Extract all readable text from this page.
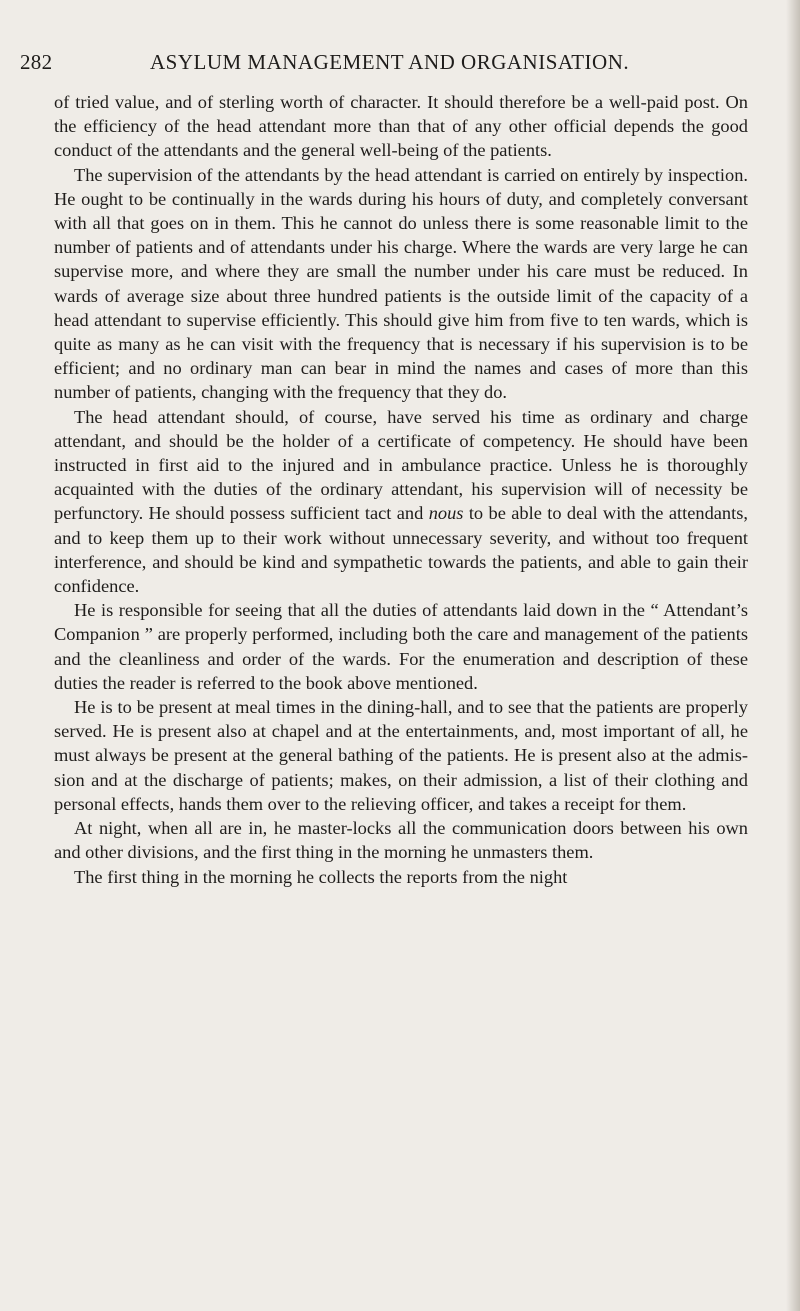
282	ASYLUM MANAGEMENT AND ORGANISATION.

of tried value, and of sterling worth of character. It should therefore be a well-paid post. On the efficiency of the head attendant more than that of any other official depends the good conduct of the attendants and the general well-being of the patients.

The supervision of the attendants by the head attendant is carried on entirely by inspection. He ought to be continually in the wards during his hours of duty, and completely conversant with all that goes on in them. This he cannot do unless there is some reasonable limit to the number of patients and of attendants under his charge. Where the wards are very large he can supervise more, and where they are small the number under his care must be reduced. In wards of average size about three hundred patients is the outside limit of the capacity of a head attendant to supervise efficiently. This should give him from five to ten wards, which is quite as many as he can visit with the frequency that is necessary if his supervision is to be efficient; and no ordinary man can bear in mind the names and cases of more than this number of patients, changing with the frequency that they do.

The head attendant should, of course, have served his time as ordinary and charge attendant, and should be the holder of a certificate of competency. He should have been instructed in first aid to the injured and in ambulance practice. Unless he is thoroughly acquainted with the duties of the ordinary attendant, his supervision will of necessity be perfunctory. He should possess sufficient tact and nous to be able to deal with the attendants, and to keep them up to their work without unnecessary severity, and without too frequent interference, and should be kind and sympathetic towards the patients, and able to gain their confidence.

He is responsible for seeing that all the duties of attendants laid down in the “ Attendant’s Companion ” are properly performed, including both the care and management of the patients and the cleanliness and order of the wards. For the enumeration and description of these duties the reader is referred to the book above mentioned.

He is to be present at meal times in the dining-hall, and to see that the patients are properly served. He is present also at chapel and at the entertainments, and, most important of all, he must always be present at the general bathing of the patients. He is present also at the admission and at the discharge of patients; makes, on their admission, a list of their clothing and personal effects, hands them over to the relieving officer, and takes a receipt for them.

At night, when all are in, he master-locks all the communication doors between his own and other divisions, and the first thing in the morning he unmasters them.

The first thing in the morning he collects the reports from the night
